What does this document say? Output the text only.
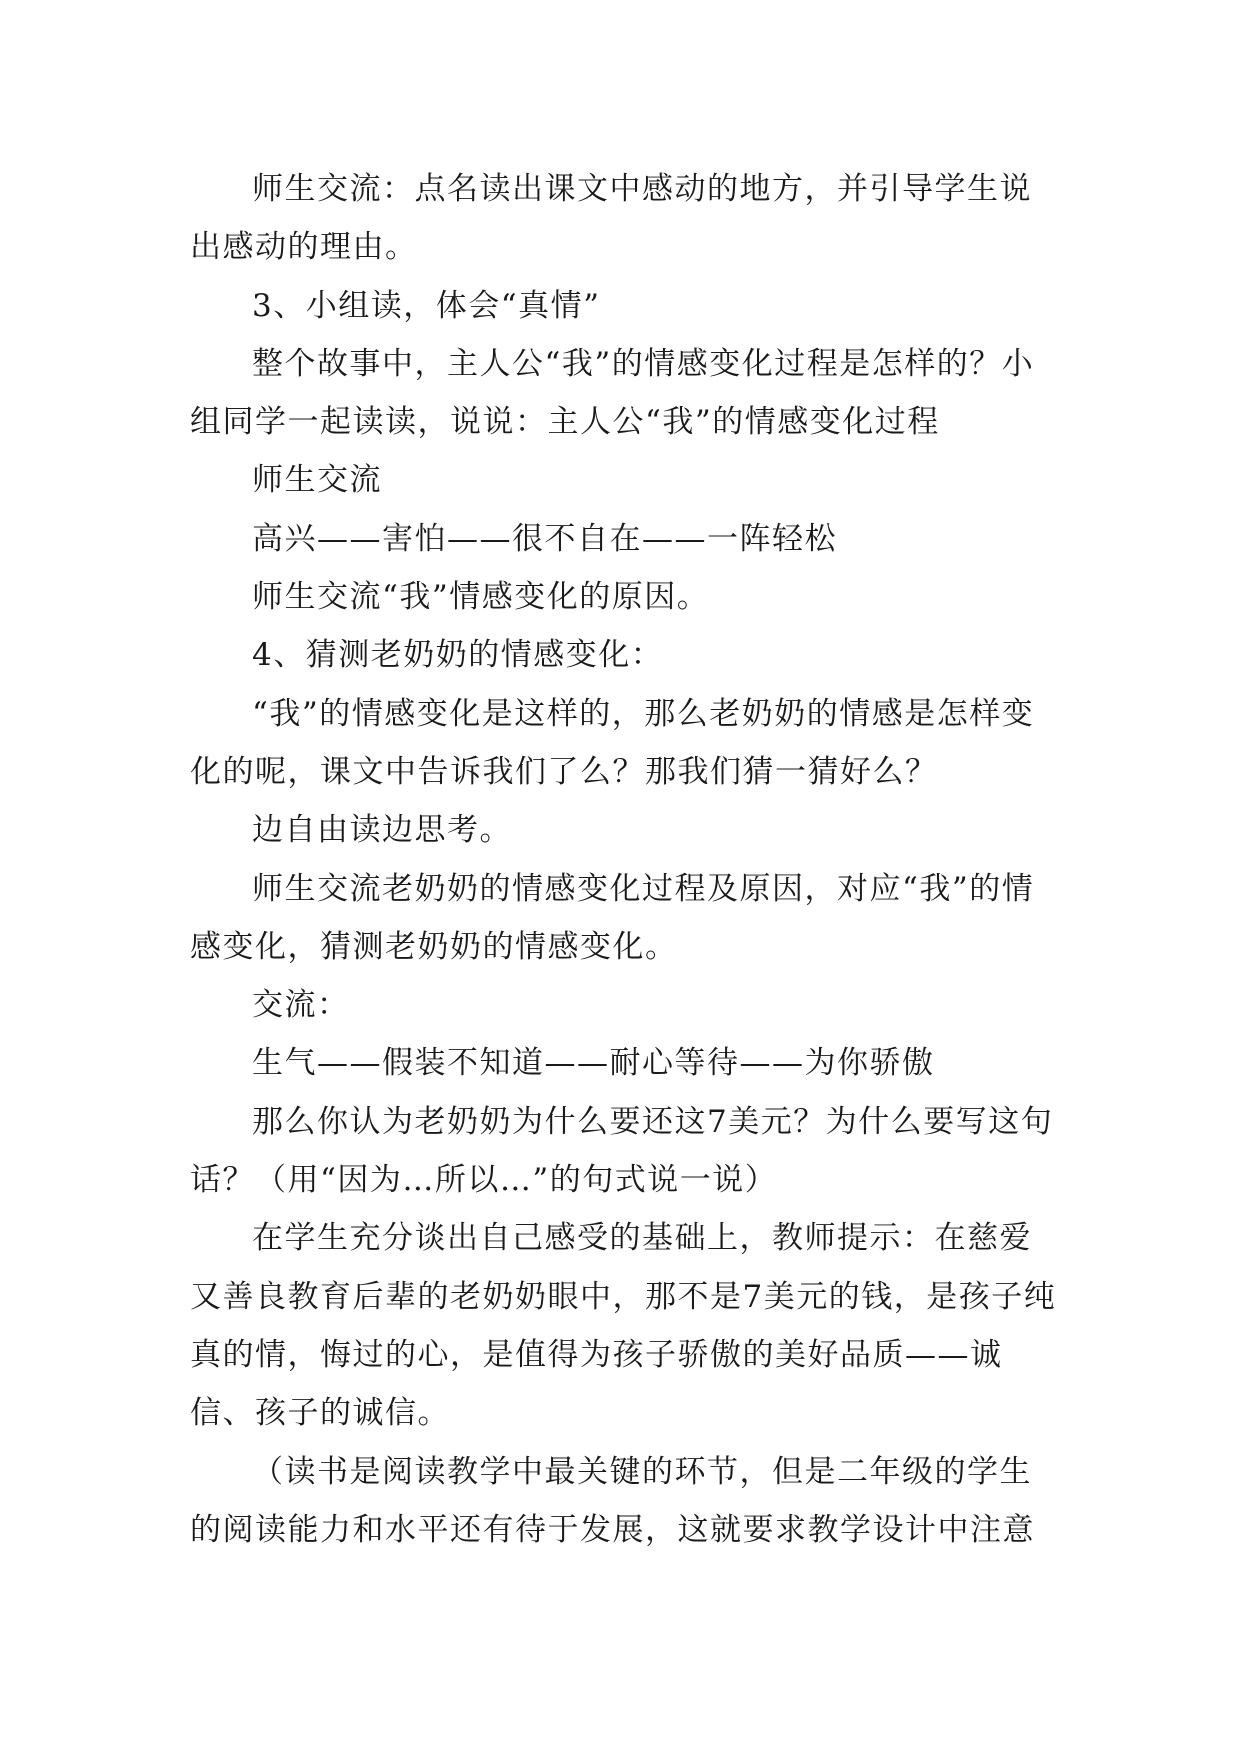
师生交流：点名读出课文中感动的地方，并引导学生说出感动的理由。

3、小组读，体会“真情”

整个故事中，主人公“我”的情感变化过程是怎样的？小组同学一起读读，说说：主人公“我”的情感变化过程

师生交流

高兴——害怕——很不自在——一阵轻松

师生交流“我”情感变化的原因。

4、猜测老奶奶的情感变化：

“我”的情感变化是这样的，那么老奶奶的情感是怎样变化的呢，课文中告诉我们了么？那我们猜一猜好么？

边自由读边思考。

师生交流老奶奶的情感变化过程及原因，对应“我”的情感变化，猜测老奶奶的情感变化。

交流：

生气——假装不知道——耐心等待——为你骄傲

那么你认为老奶奶为什么要还这7美元？为什么要写这句话？（用“因为…所以…”的句式说一说）

在学生充分谈出自己感受的基础上，教师提示：在慈爱又善良教育后辈的老奶奶眼中，那不是7美元的钱，是孩子纯真的情，悔过的心，是值得为孩子骄傲的美好品质——诚信、孩子的诚信。

（读书是阅读教学中最关键的环节，但是二年级的学生的阅读能力和水平还有待于发展，这就要求教学设计中注意
